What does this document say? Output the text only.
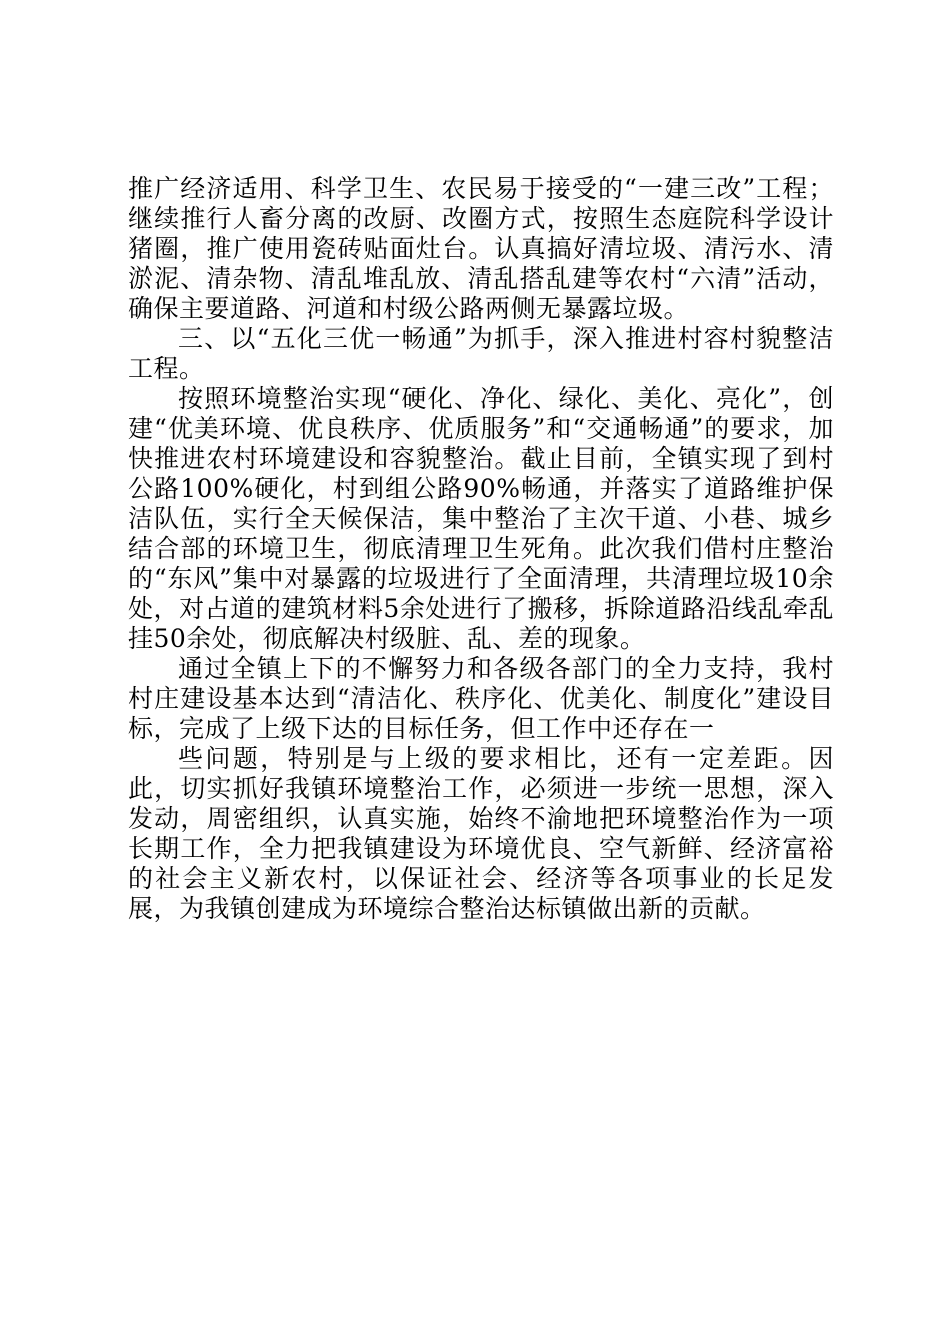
推广经济适用、科学卫生、农民易于接受的“一建三改”工程；继续推行人畜分离的改厨、改圈方式，按照生态庭院科学设计猪圈，推广使用瓷砖贴面灶台。认真搞好清垃圾、清污水、清淤泥、清杂物、清乱堆乱放、清乱搭乱建等农村“六清”活动，确保主要道路、河道和村级公路两侧无暴露垃圾。

三、以“五化三优一畅通”为抓手，深入推进村容村貌整洁工程。

按照环境整治实现“硬化、净化、绿化、美化、亮化”，创建“优美环境、优良秩序、优质服务”和“交通畅通”的要求，加快推进农村环境建设和容貌整治。截止目前，全镇实现了到村公路100%硬化，村到组公路90%畅通，并落实了道路维护保洁队伍，实行全天候保洁，集中整治了主次干道、小巷、城乡结合部的环境卫生，彻底清理卫生死角。此次我们借村庄整治的“东风”集中对暴露的垃圾进行了全面清理，共清理垃圾10余处，对占道的建筑材料5余处进行了搬移，拆除道路沿线乱牵乱挂50余处，彻底解决村级脏、乱、差的现象。

通过全镇上下的不懈努力和各级各部门的全力支持，我村村庄建设基本达到“清洁化、秩序化、优美化、制度化”建设目标，完成了上级下达的目标任务，但工作中还存在一

些问题，特别是与上级的要求相比，还有一定差距。因此，切实抓好我镇环境整治工作，必须进一步统一思想，深入发动，周密组织，认真实施，始终不渝地把环境整治作为一项长期工作，全力把我镇建设为环境优良、空气新鲜、经济富裕的社会主义新农村，以保证社会、经济等各项事业的长足发展，为我镇创建成为环境综合整治达标镇做出新的贡献。
